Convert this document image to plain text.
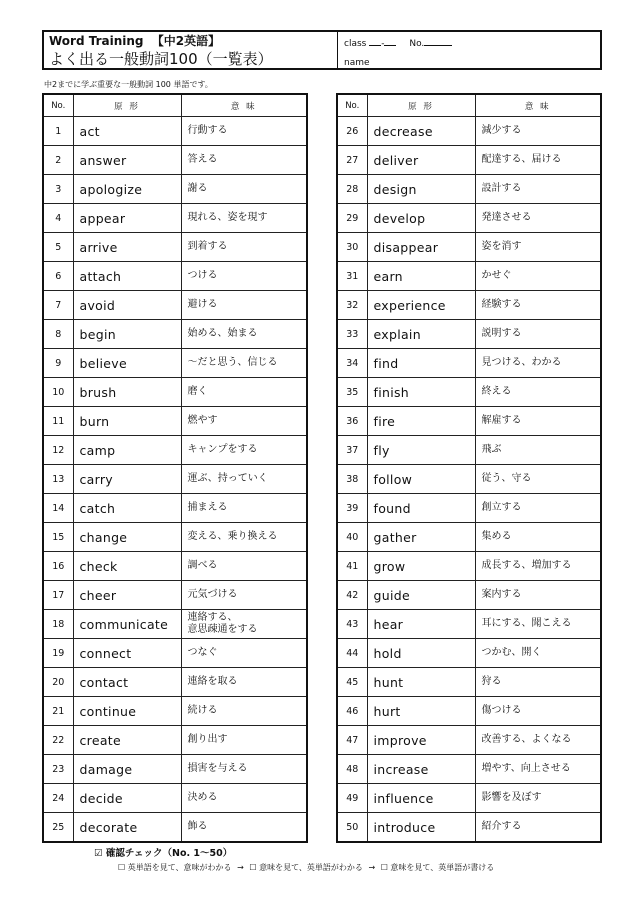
Word Training 【中2英語】
よく出る一般動詞100（一覧表）
class -	No.
name
中2までに学ぶ重要な一般動詞 100 単語です。
No.	原 形	意 味
1	act	行動する
2	answer	答える
3	apologize	謝る
4	appear	現れる、姿を現す
5	arrive	到着する
6	attach	つける
7	avoid	避ける
8	begin	始める、始まる
9	believe	〜だと思う、信じる
10	brush	磨く
11	burn	燃やす
12	camp	キャンプをする
13	carry	運ぶ、持っていく
14	catch	捕まえる
15	change	変える、乗り換える
16	check	調べる
17	cheer	元気づける
18	communicate	連絡する、
意思疎通をする
19	connect	つなぐ
20	contact	連絡を取る
21	continue	続ける
22	create	創り出す
23	damage	損害を与える
24	decide	決める
25	decorate	飾る
No.	原 形	意 味
26	decrease	減少する
27	deliver	配達する、届ける
28	design	設計する
29	develop	発達させる
30	disappear	姿を消す
31	earn	かせぐ
32	experience	経験する
33	explain	説明する
34	find	見つける、わかる
35	finish	終える
36	fire	解雇する
37	fly	飛ぶ
38	follow	従う、守る
39	found	創立する
40	gather	集める
41	grow	成長する、増加する
42	guide	案内する
43	hear	耳にする、聞こえる
44	hold	つかむ、開く
45	hunt	狩る
46	hurt	傷つける
47	improve	改善する、よくなる
48	increase	増やす、向上させる
49	influence	影響を及ぼす
50	introduce	紹介する
☑ 確認チェック（No. 1〜50）
☐ 英単語を見て、意味がわかる → ☐ 意味を見て、英単語がわかる → ☐ 意味を見て、英単語が書ける
